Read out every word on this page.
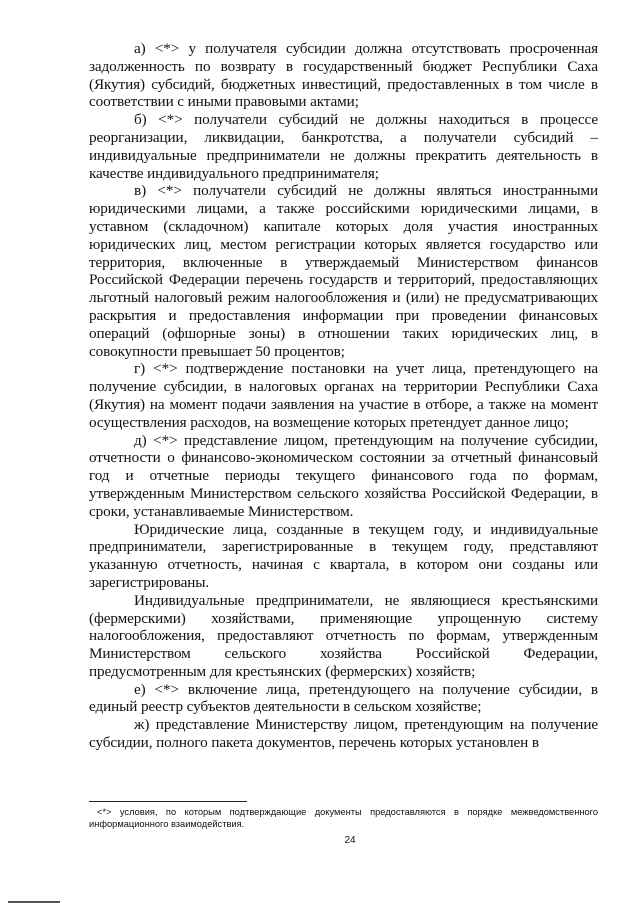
а) <*> у получателя субсидии должна отсутствовать просроченная задолженность по возврату в государственный бюджет Республики Саха (Якутия) субсидий, бюджетных инвестиций, предоставленных в том числе в соответствии с иными правовыми актами;

б) <*> получатели субсидий не должны находиться в процессе реорганизации, ликвидации, банкротства, а получатели субсидий – индивидуальные предприниматели не должны прекратить деятельность в качестве индивидуального предпринимателя;

в) <*> получатели субсидий не должны являться иностранными юридическими лицами, а также российскими юридическими лицами, в уставном (складочном) капитале которых доля участия иностранных юридических лиц, местом регистрации которых является государство или территория, включенные в утверждаемый Министерством финансов Российской Федерации перечень государств и территорий, предоставляющих льготный налоговый режим налогообложения и (или) не предусматривающих раскрытия и предоставления информации при проведении финансовых операций (офшорные зоны) в отношении таких юридических лиц, в совокупности превышает 50 процентов;

г) <*> подтверждение постановки на учет лица, претендующего на получение субсидии, в налоговых органах на территории Республики Саха (Якутия) на момент подачи заявления на участие в отборе, а также на момент осуществления расходов, на возмещение которых претендует данное лицо;

д) <*> представление лицом, претендующим на получение субсидии, отчетности о финансово-экономическом состоянии за отчетный финансовый год и отчетные периоды текущего финансового года по формам, утвержденным Министерством сельского хозяйства Российской Федерации, в сроки, устанавливаемые Министерством.

Юридические лица, созданные в текущем году, и индивидуальные предприниматели, зарегистрированные в текущем году, представляют указанную отчетность, начиная с квартала, в котором они созданы или зарегистрированы.

Индивидуальные предприниматели, не являющиеся крестьянскими (фермерскими) хозяйствами, применяющие упрощенную систему налогообложения, предоставляют отчетность по формам, утвержденным Министерством сельского хозяйства Российской Федерации, предусмотренным для крестьянских (фермерских) хозяйств;

е) <*> включение лица, претендующего на получение субсидии, в единый реестр субъектов деятельности в сельском хозяйстве;

ж) представление Министерству лицом, претендующим на получение субсидии, полного пакета документов, перечень которых установлен в

<*> условия, по которым подтверждающие документы предоставляются в порядке межведомственного информационного взаимодействия.

24
